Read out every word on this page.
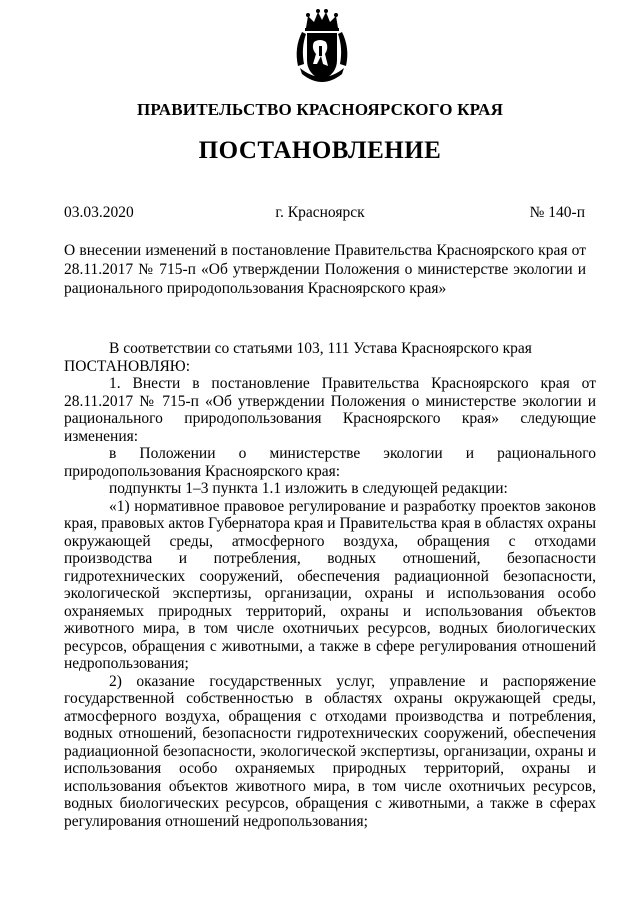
ПРАВИТЕЛЬСТВО КРАСНОЯРСКОГО КРАЯ
ПОСТАНОВЛЕНИЕ
03.03.2020	г. Красноярск	№ 140-п
О внесении изменений в постановление Правительства Красноярского края от 28.11.2017 № 715-п «Об утверждении Положения о министерстве экологии и рационального природопользования Красноярского края»

В соответствии со статьями 103, 111 Устава Красноярского края

ПОСТАНОВЛЯЮ:

1. Внести в постановление Правительства Красноярского края от 28.11.2017 № 715-п «Об утверждении Положения о министерстве экологии и рационального природопользования Красноярского края» следующие изменения:

в Положении о министерстве экологии и рационального природопользования Красноярского края:

подпункты 1–3 пункта 1.1 изложить в следующей редакции:

«1) нормативное правовое регулирование и разработку проектов законов края, правовых актов Губернатора края и Правительства края в областях охраны окружающей среды, атмосферного воздуха, обращения с отходами производства и потребления, водных отношений, безопасности гидротехнических сооружений, обеспечения радиационной безопасности, экологической экспертизы, организации, охраны и использования особо охраняемых природных территорий, охраны и использования объектов животного мира, в том числе охотничьих ресурсов, водных биологических ресурсов, обращения с животными, а также в сфере регулирования отношений недропользования;

2) оказание государственных услуг, управление и распоряжение государственной собственностью в областях охраны окружающей среды, атмосферного воздуха, обращения с отходами производства и потребления, водных отношений, безопасности гидротехнических сооружений, обеспечения радиационной безопасности, экологической экспертизы, организации, охраны и использования особо охраняемых природных территорий, охраны и использования объектов животного мира, в том числе охотничьих ресурсов, водных биологических ресурсов, обращения с животными, а также в сферах регулирования отношений недропользования;
